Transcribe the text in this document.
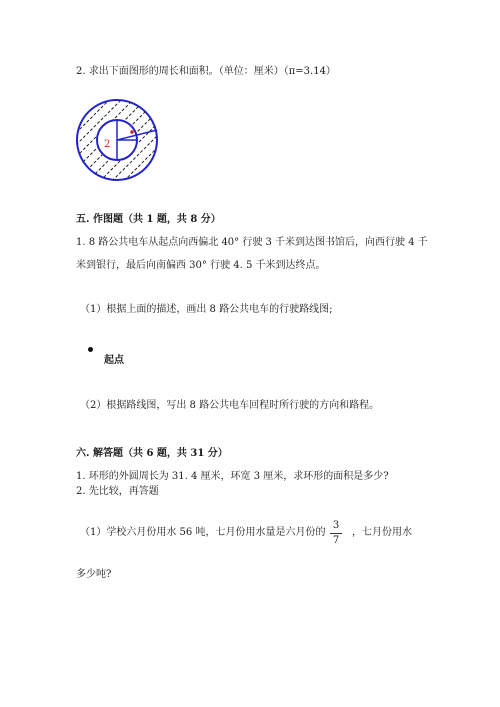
2. 求出下面图形的周长和面积。（单位：厘米）（π=3.14）
2
五. 作图题（共 1 题，共 8 分）
1. 8 路公共电车从起点向西偏北 40° 行驶 3 千米到达图书馆后，向西行驶 4 千
米到银行，最后向南偏西 30° 行驶 4. 5 千米到达终点。
（1）根据上面的描述，画出 8 路公共电车的行驶路线图;
起点
（2）根据路线图，写出 8 路公共电车回程时所行驶的方向和路程。
六. 解答题（共 6 题，共 31 分）
1. 环形的外圆周长为 31. 4 厘米，环宽 3 厘米，求环形的面积是多少?
2. 先比较，再答题
（1）学校六月份用水 56 吨，七月份用水量是六月份的
3
7
，七月份用水
多少吨?
